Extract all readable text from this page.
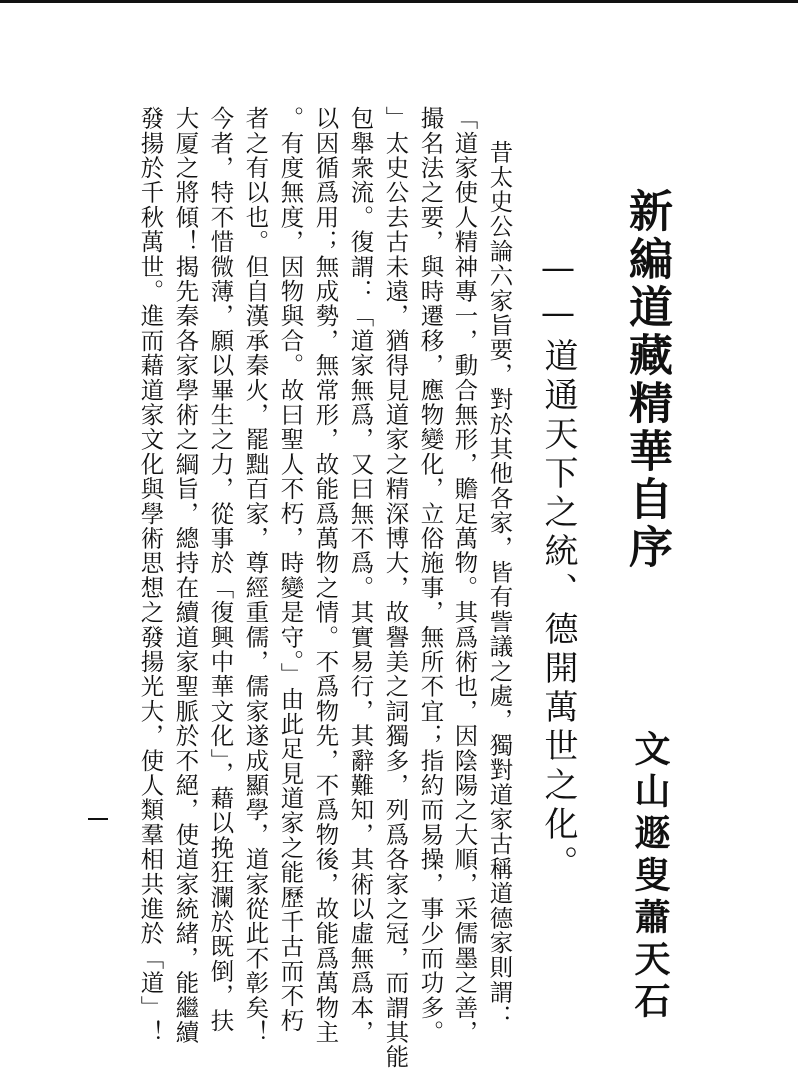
新編道藏精華自序
——道通天下之統、德開萬世之化。 文山遯叟蕭天石
昔太史公論六家旨要，對於其他各家，皆有訾議之處，獨對道家古稱道德家則謂：
「道家使人精神專一，動合無形，贍足萬物。其爲術也，因陰陽之大順，采儒墨之善，
撮名法之要，與時遷移，應物變化，立俗施事，無所不宜；指約而易操，事少而功多。
」太史公去古未遠，猶得見道家之精深博大，故譽美之詞獨多，列爲各家之冠，而謂其能
包舉衆流。復謂：「道家無爲，又曰無不爲。其實易行，其辭難知，其術以虛無爲本，
以因循爲用；無成勢，無常形，故能爲萬物之情。不爲物先，不爲物後，故能爲萬物主
。有度無度，因物與合。故曰聖人不朽，時變是守。」由此足見道家之能歷千古而不朽
者之有以也。但自漢承秦火，罷黜百家，尊經重儒，儒家遂成顯學，道家從此不彰矣！
今者，特不惜微薄，願以畢生之力，從事於「復興中華文化」，藉以挽狂瀾於既倒，扶
大厦之將傾！揭先秦各家學術之綱旨，總持在續道家聖脈於不絕，使道家統緒，能繼續
發揚於千秋萬世。進而藉道家文化與學術思想之發揚光大，使人類羣相共進於「道」！
